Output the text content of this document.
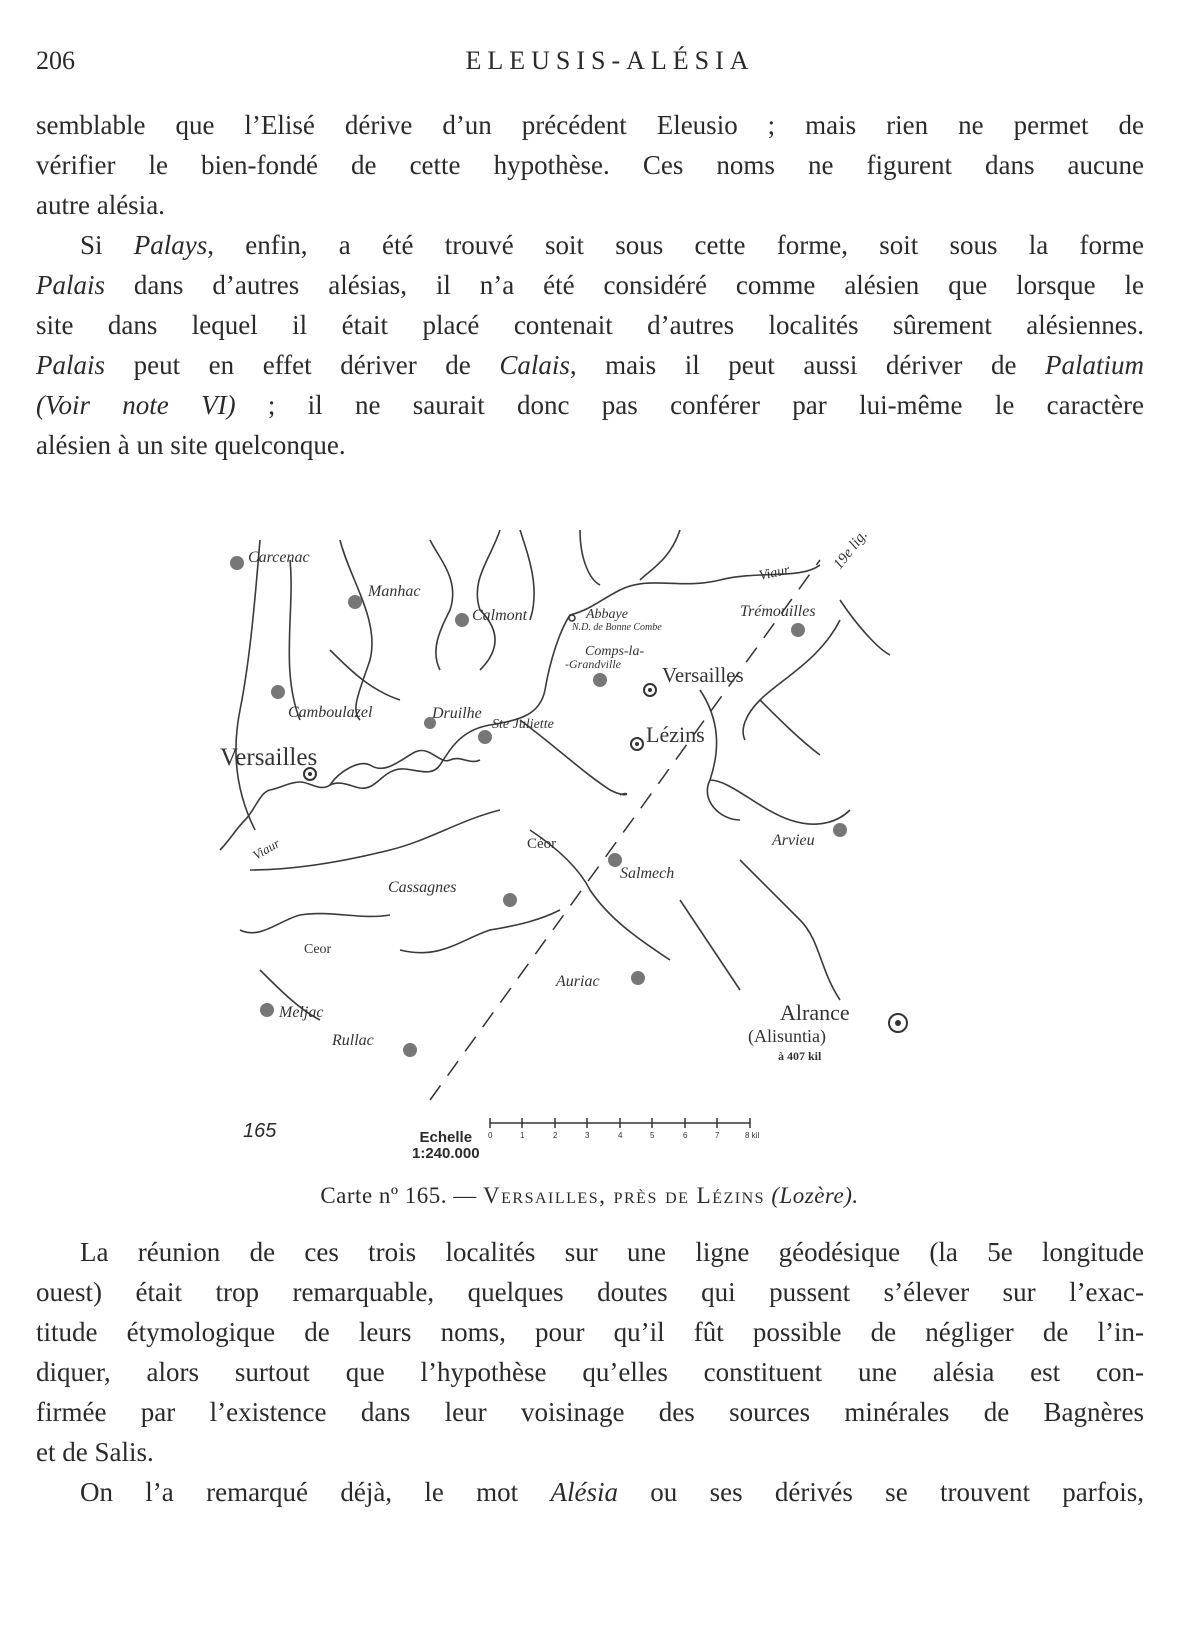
206	ELEUSIS-ALÉSIA
semblable que l’Elisé dérive d’un précédent Eleusio ; mais rien ne permet de
vérifier le bien-fondé de cette hypothèse. Ces noms ne figurent dans aucune
autre alésia.
Si Palays, enfin, a été trouvé soit sous cette forme, soit sous la forme
Palais dans d’autres alésias, il n’a été considéré comme alésien que lorsque le
site dans lequel il était placé contenait d’autres localités sûrement alésiennes.
Palais peut en effet dériver de Calais, mais il peut aussi dériver de Palatium
(Voir note VI) ; il ne saurait donc pas conférer par lui-même le caractère
alésien à un site quelconque.
Carcenac
Manhac
Calmont	Abbaye
N.D. de Bonne Combe
Trémouilles
Viaur
19e lig.
Comps-la-
-Grandville Versailles
Camboulazel	Druilhe
Ste Juliette	Lézins
Versailles
Viaur	Céor	Arvieu
Salmech
Cassagnes
Ceor
Auriac
Meljac
Rullac
Alrance
(Alisuntia)
à 407 kil
0	1	2	3	4	5	6	7	8 kil
165	Echelle
1:240.000
Carte nº 165. — Versailles, près de Lézins (Lozère).
La réunion de ces trois localités sur une ligne géodésique (la 5e longitude
ouest) était trop remarquable, quelques doutes qui pussent s’élever sur l’exac-
titude étymologique de leurs noms, pour qu’il fût possible de négliger de l’in-
diquer, alors surtout que l’hypothèse qu’elles constituent une alésia est con-
firmée par l’existence dans leur voisinage des sources minérales de Bagnères
et de Salis.
On l’a remarqué déjà, le mot Alésia ou ses dérivés se trouvent parfois,
